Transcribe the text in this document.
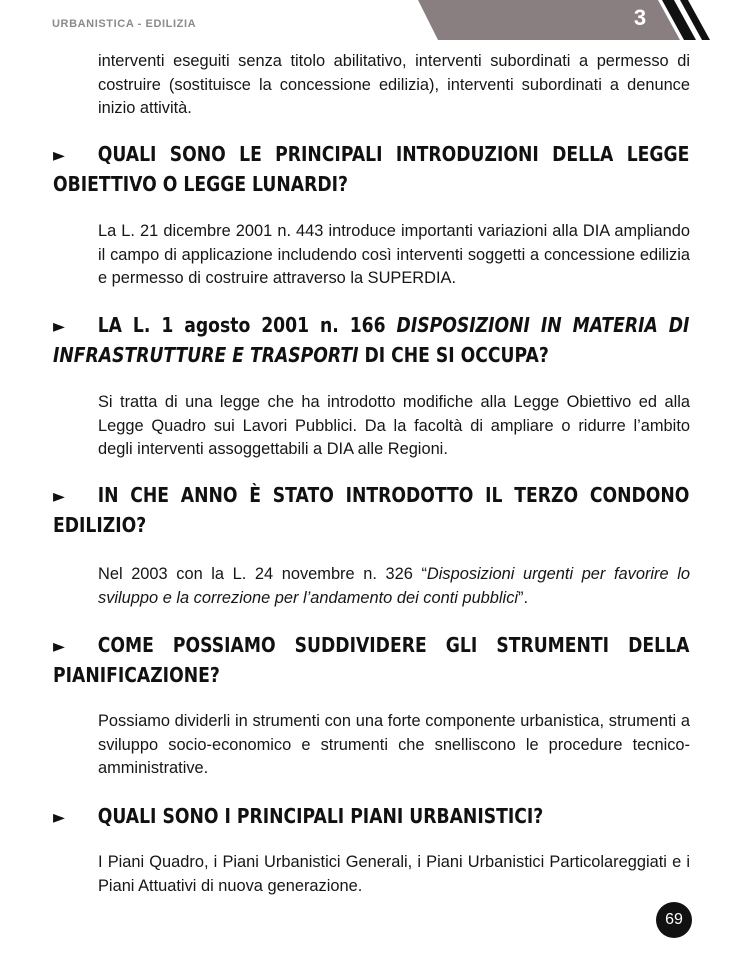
URBANISTICA - EDILIZIA	3

interventi eseguiti senza titolo abilitativo, interventi subordinati a permesso di costruire (sostituisce la concessione edilizia), interventi subordinati a denunce inizio attività.

► QUALI SONO LE PRINCIPALI INTRODUZIONI DELLA LEGGE OBIETTIVO O LEGGE LUNARDI?

La L. 21 dicembre 2001 n. 443 introduce importanti variazioni alla DIA ampliando il campo di applicazione includendo così interventi soggetti a concessione edilizia e permesso di costruire attraverso la SUPERDIA.

► LA L. 1 agosto 2001 n. 166 DISPOSIZIONI IN MATERIA DI INFRASTRUTTURE E TRASPORTI DI CHE SI OCCUPA?

Si tratta di una legge che ha introdotto modifiche alla Legge Obiettivo ed alla Legge Quadro sui Lavori Pubblici. Da la facoltà di ampliare o ridurre l’ambito degli interventi assoggettabili a DIA alle Regioni.

► IN CHE ANNO È STATO INTRODOTTO IL TERZO CONDONO EDILIZIO?

Nel 2003 con la L. 24 novembre n. 326 “Disposizioni urgenti per favorire lo sviluppo e la correzione per l’andamento dei conti pubblici”.

► COME POSSIAMO SUDDIVIDERE GLI STRUMENTI DELLA PIANIFICAZIONE?

Possiamo dividerli in strumenti con una forte componente urbanistica, strumenti a sviluppo socio-economico e strumenti che snelliscono le procedure tecnico-amministrative.

► QUALI SONO I PRINCIPALI PIANI URBANISTICI?

I Piani Quadro, i Piani Urbanistici Generali, i Piani Urbanistici Particolareggiati e i Piani Attuativi di nuova generazione.

69
